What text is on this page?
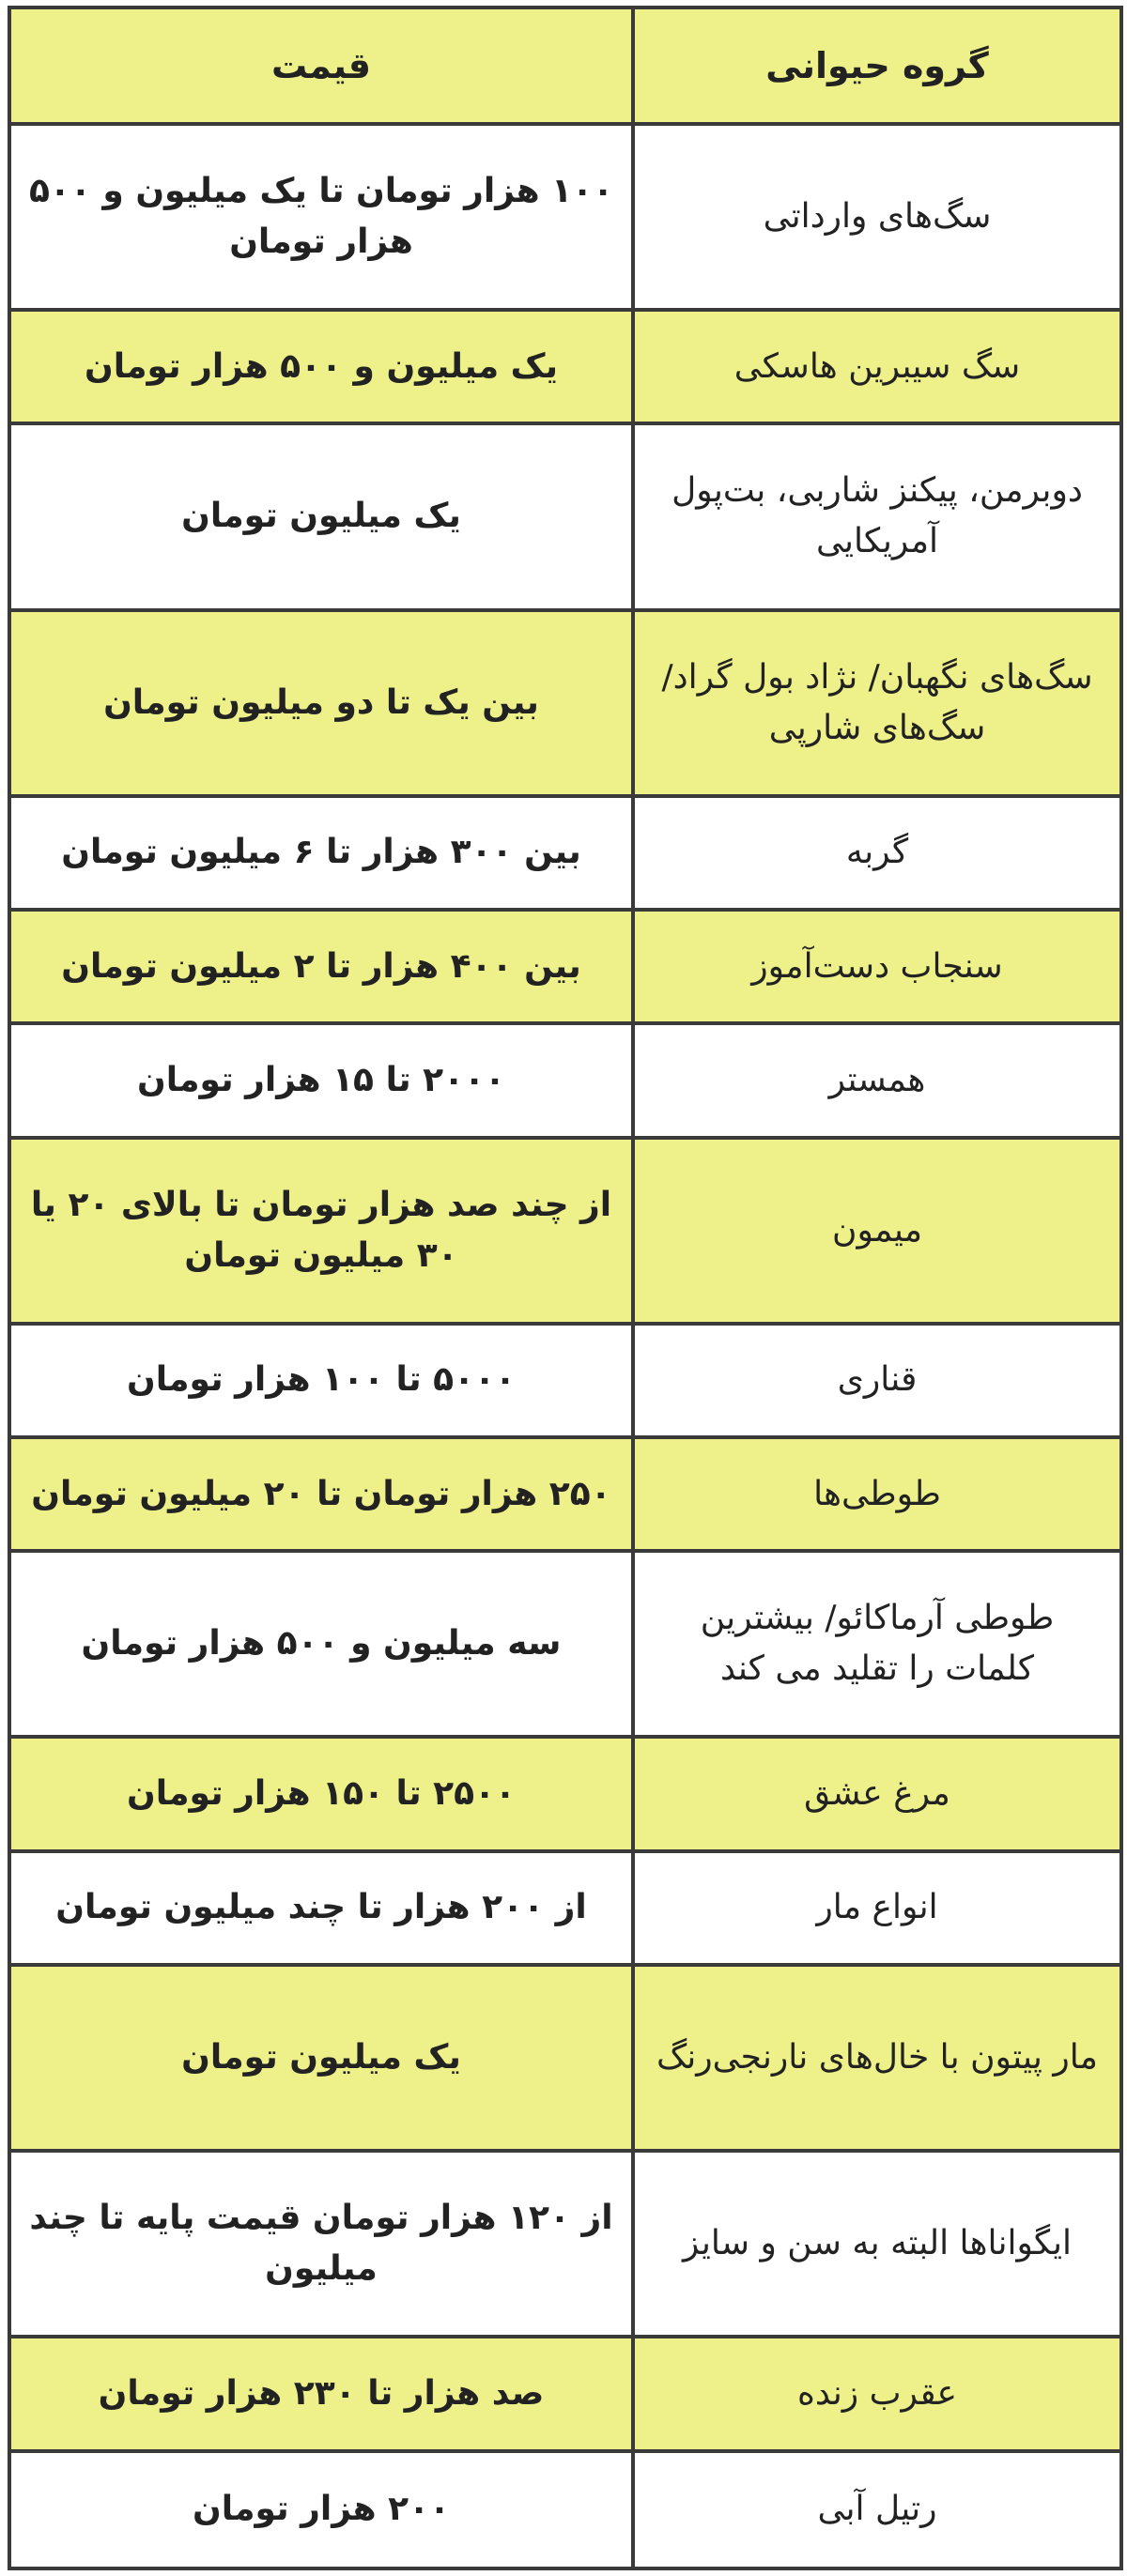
گروه حیوانی	قیمت
سگ‌های وارداتی	۱۰۰ هزار تومان تا یک میلیون و ۵۰۰ هزار تومان
سگ سیبرین هاسکی	یک میلیون و ۵۰۰ هزار تومان
دوبرمن، پیکنز شاربی، بت‌پول آمریکایی	یک میلیون تومان
سگ‌های نگهبان/ نژاد بول گراد/ سگ‌های شارپی	بین یک تا دو میلیون تومان
گربه	بین ۳۰۰ هزار تا ۶ میلیون تومان
سنجاب دست‌آموز	بین ۴۰۰ هزار تا ۲ میلیون تومان
همستر	۲۰۰۰ تا ۱۵ هزار تومان
میمون	از چند صد هزار تومان تا بالای ۲۰ یا ۳۰ میلیون تومان
قناری	۵۰۰۰ تا ۱۰۰ هزار تومان
طوطی‌ها	۲۵۰ هزار تومان تا ۲۰ میلیون تومان
طوطی آرماکائو/ بیشترین کلمات را تقلید می کند	سه میلیون و ۵۰۰ هزار تومان
مرغ عشق	۲۵۰۰ تا ۱۵۰ هزار تومان
انواع مار	از ۲۰۰ هزار تا چند میلیون تومان
مار پیتون با خال‌های نارنجی‌رنگ	یک میلیون تومان
ایگواناها البته به سن و سایز	از ۱۲۰ هزار تومان قیمت پایه تا چند میلیون
عقرب زنده	صد هزار تا ۲۳۰ هزار تومان
رتیل آبی	۲۰۰ هزار تومان
